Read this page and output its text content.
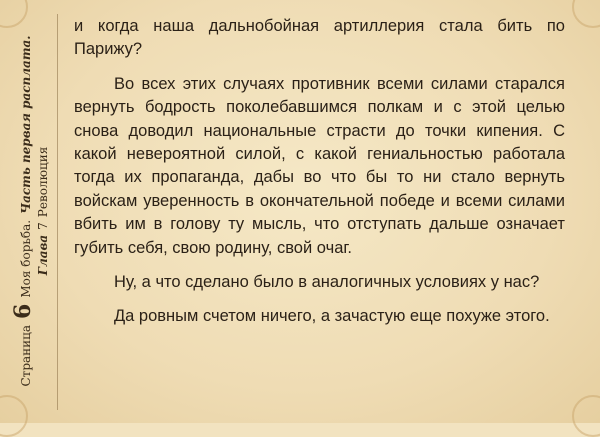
Страница
6
Моя борьба.
Часть первая расплата.
Глава
7
Революция

и когда наша дальнобойная артиллерия стала бить по Парижу?

Во всех этих случаях противник всеми силами старался вернуть бодрость поколебавшимся полкам и с этой целью снова доводил национальные страсти до точки кипения. С какой невероятной силой, с какой гениальностью работала тогда их пропаганда, дабы во что бы то ни стало вернуть войскам уверенность в окончательной победе и всеми силами вбить им в голову ту мысль, что отступать дальше означает губить себя, свою родину, свой очаг.

Ну, а что сделано было в аналогичных условиях у нас?

Да ровным счетом ничего, а зачастую еще похуже этого.
